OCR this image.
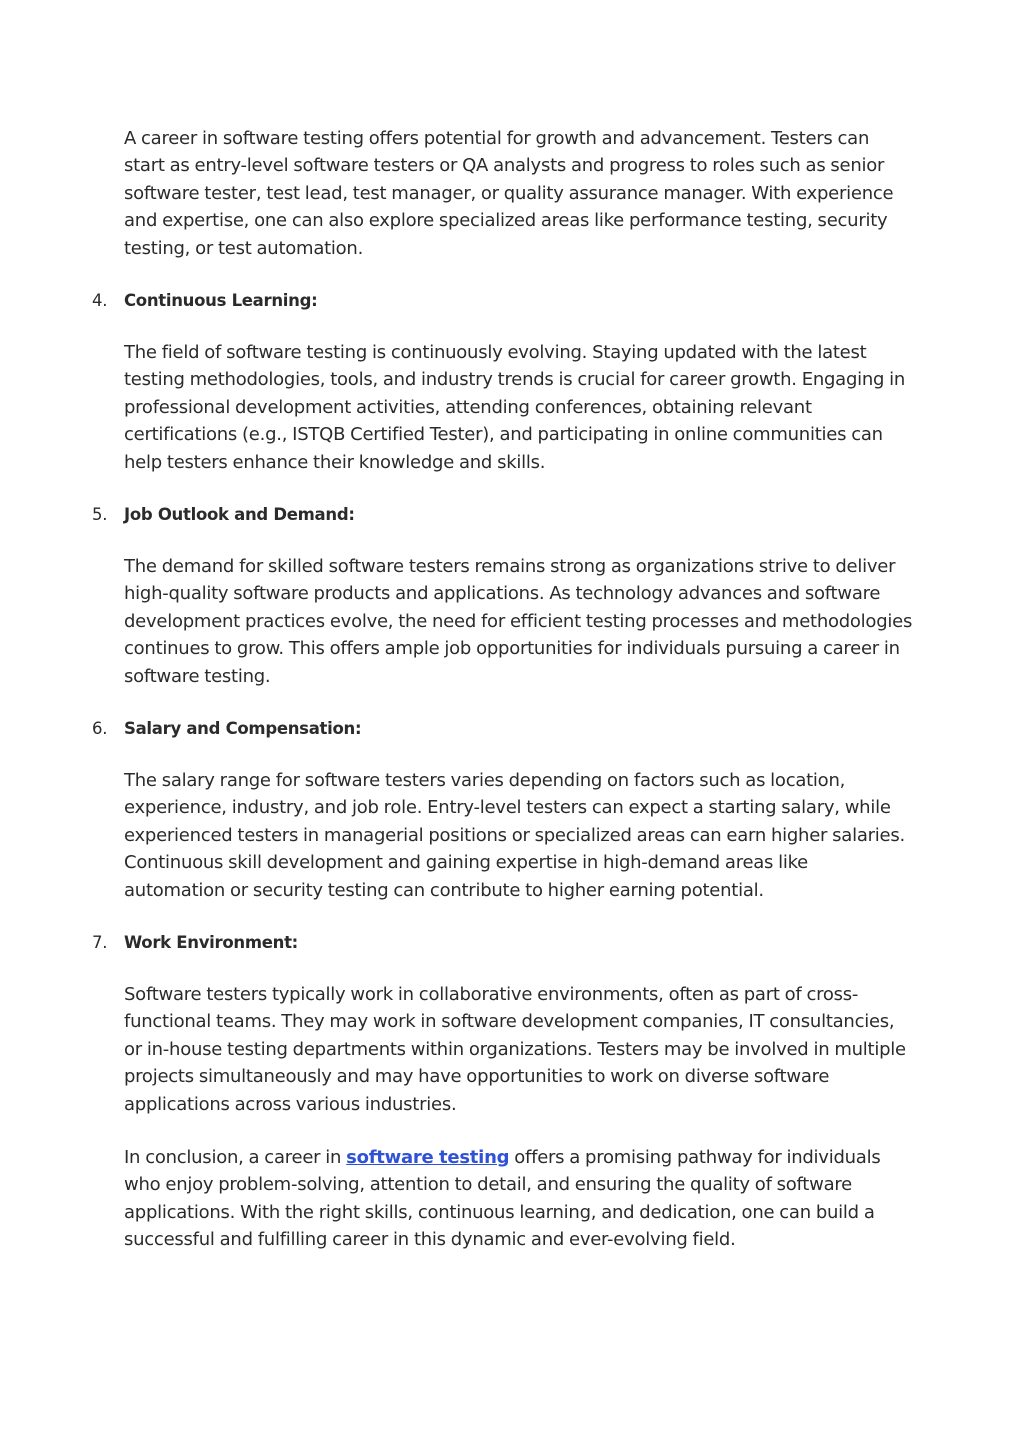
A career in software testing offers potential for growth and advancement. Testers can start as entry-level software testers or QA analysts and progress to roles such as senior software tester, test lead, test manager, or quality assurance manager. With experience and expertise, one can also explore specialized areas like performance testing, security testing, or test automation.

4. Continuous Learning:

The field of software testing is continuously evolving. Staying updated with the latest testing methodologies, tools, and industry trends is crucial for career growth. Engaging in professional development activities, attending conferences, obtaining relevant certifications (e.g., ISTQB Certified Tester), and participating in online communities can help testers enhance their knowledge and skills.

5. Job Outlook and Demand:

The demand for skilled software testers remains strong as organizations strive to deliver high-quality software products and applications. As technology advances and software development practices evolve, the need for efficient testing processes and methodologies continues to grow. This offers ample job opportunities for individuals pursuing a career in software testing.

6. Salary and Compensation:

The salary range for software testers varies depending on factors such as location, experience, industry, and job role. Entry-level testers can expect a starting salary, while experienced testers in managerial positions or specialized areas can earn higher salaries. Continuous skill development and gaining expertise in high-demand areas like automation or security testing can contribute to higher earning potential.

7. Work Environment:

Software testers typically work in collaborative environments, often as part of cross-functional teams. They may work in software development companies, IT consultancies, or in-house testing departments within organizations. Testers may be involved in multiple projects simultaneously and may have opportunities to work on diverse software applications across various industries.

In conclusion, a career in software testing offers a promising pathway for individuals who enjoy problem-solving, attention to detail, and ensuring the quality of software applications. With the right skills, continuous learning, and dedication, one can build a successful and fulfilling career in this dynamic and ever-evolving field.
